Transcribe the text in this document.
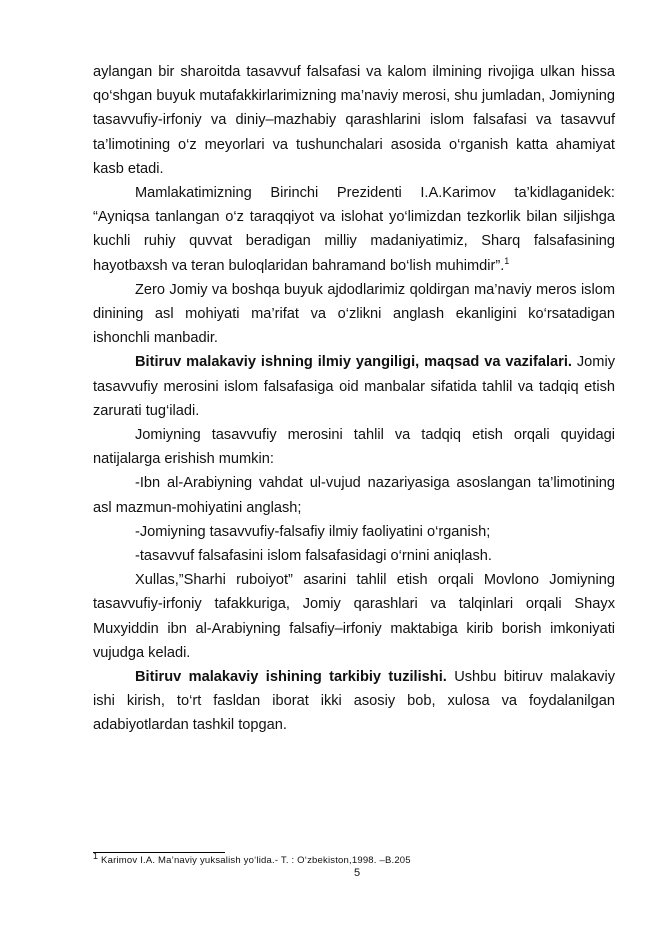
aylangan bir sharoitda tasavvuf falsafasi va kalom ilmining rivojiga ulkan hissa qo‘shgan buyuk mutafakkirlarimizning ma’naviy merosi, shu jumladan, Jomiyning tasavvufiy-irfoniy va diniy–mazhabiy qarashlarini islom falsafasi va tasavvuf ta’limotining o‘z meyorlari va tushunchalari asosida o‘rganish katta ahamiyat kasb etadi.

Mamlakatimizning Birinchi Prezidenti I.A.Karimov ta’kidlaganidek: “Ayniqsa tanlangan o‘z taraqqiyot va islohat yo‘limizdan tezkorlik bilan siljishga kuchli ruhiy quvvat beradigan milliy madaniyatimiz, Sharq falsafasining hayotbaxsh va teran buloqlaridan bahramand bo‘lish muhimdir”.$^1$

Zero Jomiy va boshqa buyuk ajdodlarimiz qoldirgan ma’naviy meros islom dinining asl mohiyati ma’rifat va o‘zlikni anglash ekanligini ko‘rsatadigan ishonchli manbadir.

Bitiruv malakaviy ishning ilmiy yangiligi, maqsad va vazifalari. Jomiy tasavvufiy merosini islom falsafasiga oid manbalar sifatida tahlil va tadqiq etish zarurati tug‘iladi.

Jomiyning tasavvufiy merosini tahlil va tadqiq etish orqali quyidagi natijalarga erishish mumkin:

-Ibn al-Arabiyning vahdat ul-vujud nazariyasiga asoslangan ta’limotining asl mazmun-mohiyatini anglash;

-Jomiyning tasavvufiy-falsafiy ilmiy faoliyatini o‘rganish;

-tasavvuf falsafasini islom falsafasidagi o‘rnini aniqlash.

Xullas,”Sharhi ruboiyot” asarini tahlil etish orqali Movlono Jomiyning tasavvufiy-irfoniy tafakkuriga, Jomiy qarashlari va talqinlari orqali Shayx Muxyiddin ibn al-Arabiyning falsafiy–irfoniy maktabiga kirib borish imkoniyati vujudga keladi.

Bitiruv malakaviy ishining tarkibiy tuzilishi. Ushbu bitiruv malakaviy ishi kirish, to‘rt fasldan iborat ikki asosiy bob, xulosa va foydalanilgan adabiyotlardan tashkil topgan.

$^1$ Karimov I.A. Ma’naviy yuksalish yo‘lida.- T. : O‘zbekiston,1998. –B.205
5
